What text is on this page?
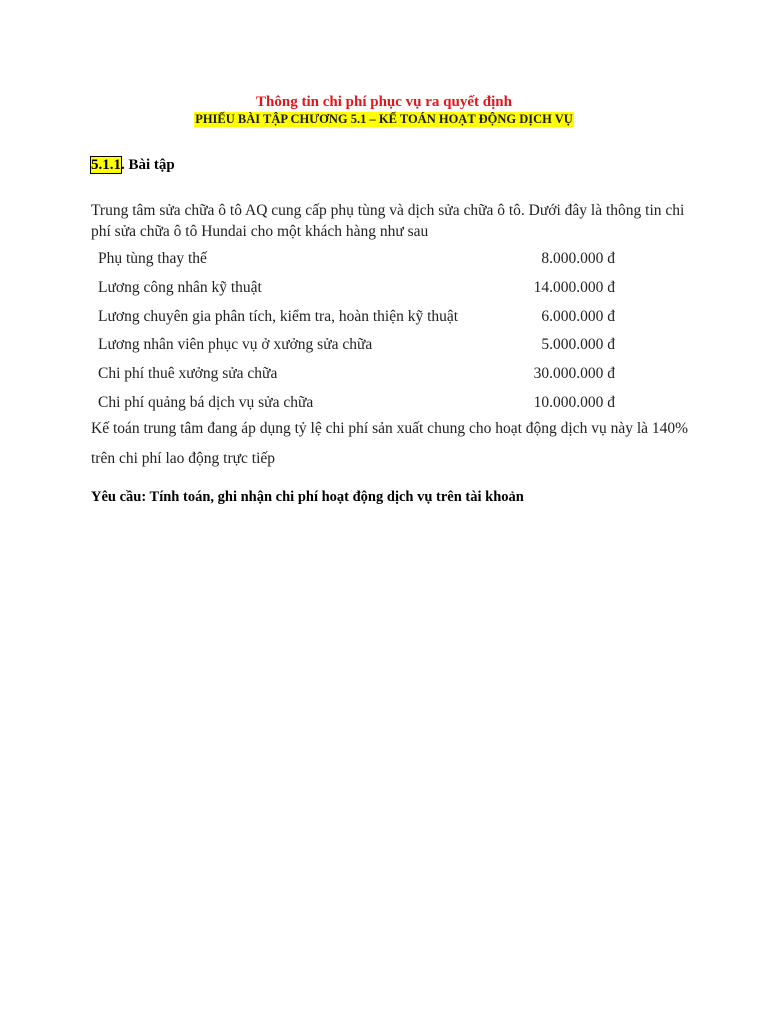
Thông tin chi phí phục vụ ra quyết định
PHIẾU BÀI TẬP CHƯƠNG 5.1 – KẾ TOÁN HOẠT ĐỘNG DỊCH VỤ
5.1.1. Bài tập
Trung tâm sửa chữa ô tô AQ cung cấp phụ tùng và dịch sửa chữa ô tô. Dưới đây là thông tin chi phí sửa chữa ô tô Hundai cho một khách hàng như sau
Phụ tùng thay thế	8.000.000 đ
Lương công nhân kỹ thuật	14.000.000 đ
Lương chuyên gia phân tích, kiểm tra, hoàn thiện kỹ thuật	6.000.000 đ
Lương nhân viên phục vụ ở xưởng sửa chữa	5.000.000 đ
Chi phí thuê xưởng sửa chữa	30.000.000 đ
Chi phí quảng bá dịch vụ sửa chữa	10.000.000 đ
Kế toán trung tâm đang áp dụng tỷ lệ chi phí sản xuất chung cho hoạt động dịch vụ này là 140% trên chi phí lao động trực tiếp
Yêu cầu: Tính toán, ghi nhận chi phí hoạt động dịch vụ trên tài khoản
